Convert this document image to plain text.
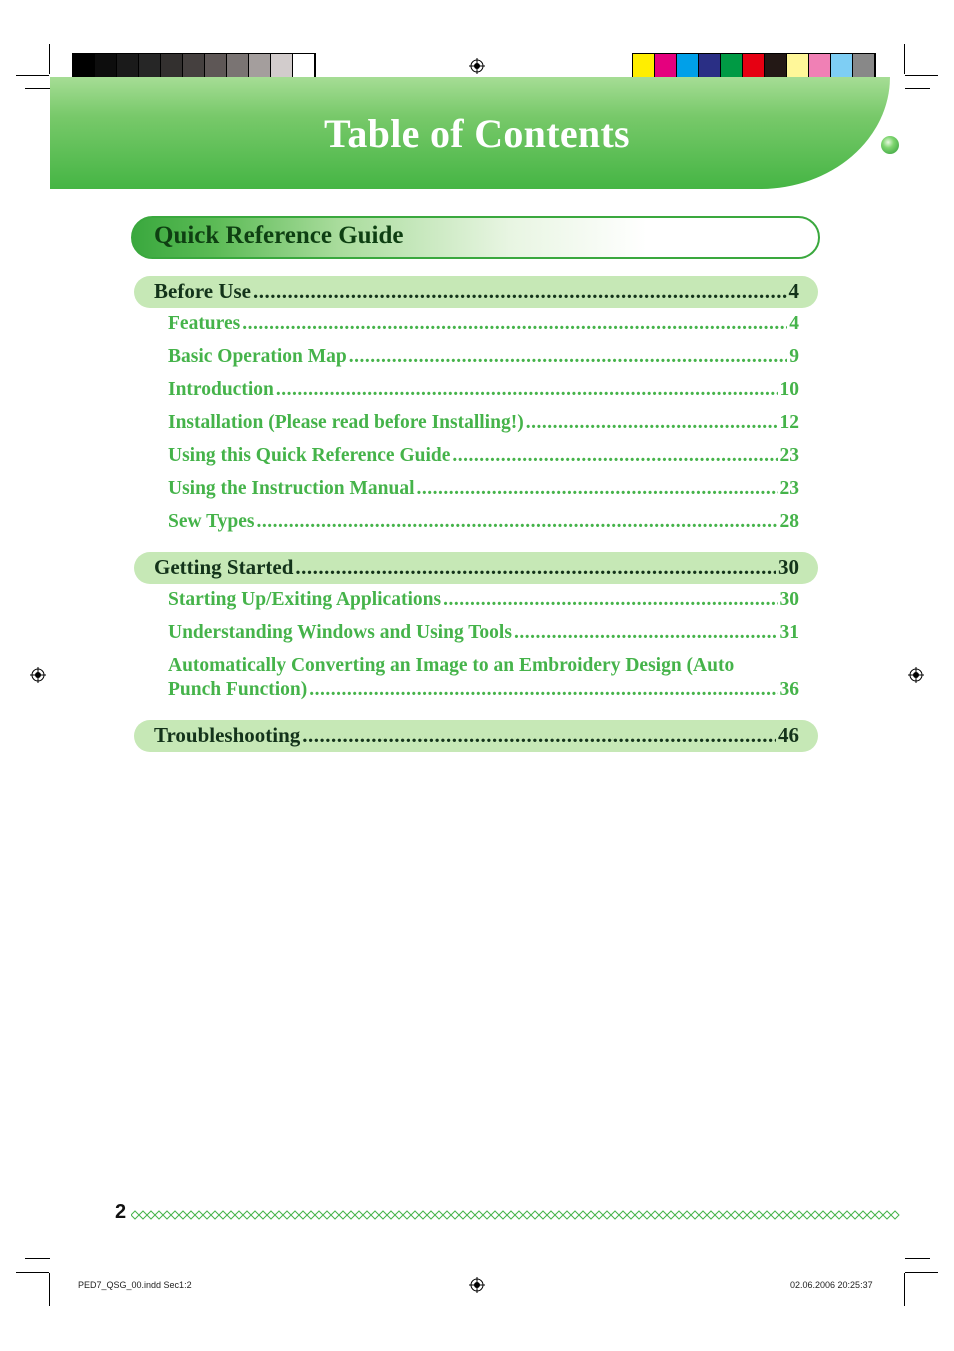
Table of Contents
Quick Reference Guide
Before Use .....	4
Features .....	4
Basic Operation Map .....	9
Introduction .....	10
Installation (Please read before Installing!) .....	12
Using this Quick Reference Guide .....	23
Using the Instruction Manual .....	23
Sew Types .....	28
Getting Started .....	30
Starting Up/Exiting Applications .....	30
Understanding Windows and Using Tools .....	31
Automatically Converting an Image to an Embroidery Design (Auto
Punch Function) .....	36
Troubleshooting .....	46
2
PED7_QSG_00.indd Sec1:2	02.06.2006 20:25:37
